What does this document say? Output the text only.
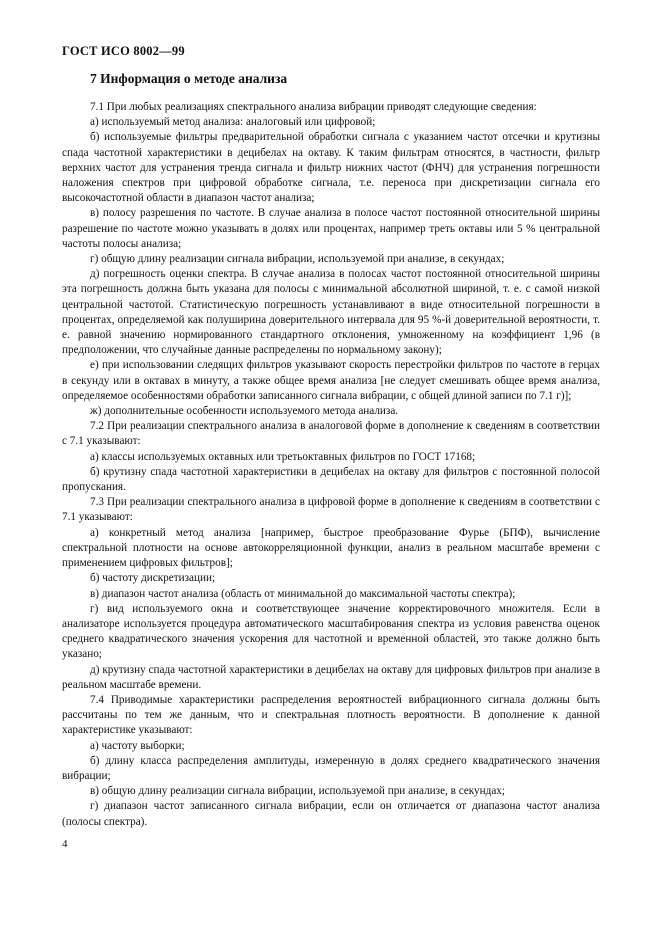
ГОСТ ИСО 8002—99
7 Информация о методе анализа

7.1 При любых реализациях спектрального анализа вибрации приводят следующие сведения:

а) используемый метод анализа: аналоговый или цифровой;

б) используемые фильтры предварительной обработки сигнала с указанием частот отсечки и крутизны спада частотной характеристики в децибелах на октаву. К таким фильтрам относятся, в частности, фильтр верхних частот для устранения тренда сигнала и фильтр нижних частот (ФНЧ) для устранения погрешности наложения спектров при цифровой обработке сигнала, т.е. переноса при дискретизации сигнала его высокочастотной области в диапазон частот анализа;

в) полосу разрешения по частоте. В случае анализа в полосе частот постоянной относительной ширины разрешение по частоте можно указывать в долях или процентах, например треть октавы или 5 % центральной частоты полосы анализа;

г) общую длину реализации сигнала вибрации, используемой при анализе, в секундах;

д) погрешность оценки спектра. В случае анализа в полосах частот постоянной относительной ширины эта погрешность должна быть указана для полосы с минимальной абсолютной шириной, т. е. с самой низкой центральной частотой. Статистическую погрешность устанавливают в виде относительной погрешности в процентах, определяемой как полуширина доверительного интервала для 95 %-й доверительной вероятности, т. е. равной значению нормированного стандартного отклонения, умноженному на коэффициент 1,96 (в предположении, что случайные данные распределены по нормальному закону);

е) при использовании следящих фильтров указывают скорость перестройки фильтров по частоте в герцах в секунду или в октавах в минуту, а также общее время анализа [не следует смешивать общее время анализа, определяемое особенностями обработки записанного сигнала вибрации, с общей длиной записи по 7.1 г)];

ж) дополнительные особенности используемого метода анализа.

7.2 При реализации спектрального анализа в аналоговой форме в дополнение к сведениям в соответствии с 7.1 указывают:

а) классы используемых октавных или третьоктавных фильтров по ГОСТ 17168;

б) крутизну спада частотной характеристики в децибелах на октаву для фильтров с постоянной полосой пропускания.

7.3 При реализации спектрального анализа в цифровой форме в дополнение к сведениям в соответствии с 7.1 указывают:

а) конкретный метод анализа [например, быстрое преобразование Фурье (БПФ), вычисление спектральной плотности на основе автокорреляционной функции, анализ в реальном масштабе времени с применением цифровых фильтров];

б) частоту дискретизации;

в) диапазон частот анализа (область от минимальной до максимальной частоты спектра);

г) вид используемого окна и соответствующее значение корректировочного множителя. Если в анализаторе используется процедура автоматического масштабирования спектра из условия равенства оценок среднего квадратического значения ускорения для частотной и временной областей, это также должно быть указано;

д) крутизну спада частотной характеристики в децибелах на октаву для цифровых фильтров при анализе в реальном масштабе времени.

7.4 Приводимые характеристики распределения вероятностей вибрационного сигнала должны быть рассчитаны по тем же данным, что и спектральная плотность вероятности. В дополнение к данной характеристике указывают:

а) частоту выборки;

б) длину класса распределения амплитуды, измеренную в долях среднего квадратического значения вибрации;

в) общую длину реализации сигнала вибрации, используемой при анализе, в секундах;

г) диапазон частот записанного сигнала вибрации, если он отличается от диапазона частот анализа (полосы спектра).

4
